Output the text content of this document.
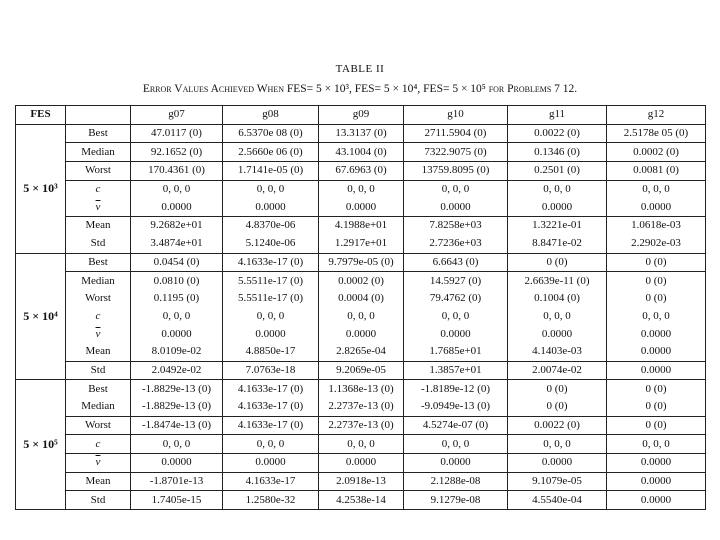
TABLE II
Error Values Achieved When FES= 5 × 10³, FES= 5 × 10⁴, FES= 5 × 10⁵ for Problems 7 12.
FES		g07	g08	g09	g10	g11	g12
5 × 10³	Best	47.0117 (0)	6.5370e 08 (0)	13.3137 (0)	2711.5904 (0)	0.0022 (0)	2.5178e 05 (0)
	Median	92.1652 (0)	2.5660e 06 (0)	43.1004 (0)	7322.9075 (0)	0.1346 (0)	0.0002 (0)
	Worst	170.4361 (0)	1.7141e-05 (0)	67.6963 (0)	13759.8095 (0)	0.2501 (0)	0.0081 (0)
	c	0, 0, 0	0, 0, 0	0, 0, 0	0, 0, 0	0, 0, 0	0, 0, 0
	$\overline{v}$	0.0000	0.0000	0.0000	0.0000	0.0000	0.0000
	Mean	9.2682e+01	4.8370e-06	4.1988e+01	7.8258e+03	1.3221e-01	1.0618e-03
	Std	3.4874e+01	5.1240e-06	1.2917e+01	2.7236e+03	8.8471e-02	2.2902e-03
5 × 10⁴	Best	0.0454 (0)	4.1633e-17 (0)	9.7979e-05 (0)	6.6643 (0)	0 (0)	0 (0)
	Median	0.0810 (0)	5.5511e-17 (0)	0.0002 (0)	14.5927 (0)	2.6639e-11 (0)	0 (0)
	Worst	0.1195 (0)	5.5511e-17 (0)	0.0004 (0)	79.4762 (0)	0.1004 (0)	0 (0)
	c	0, 0, 0	0, 0, 0	0, 0, 0	0, 0, 0	0, 0, 0	0, 0, 0
	$\overline{v}$	0.0000	0.0000	0.0000	0.0000	0.0000	0.0000
	Mean	8.0109e-02	4.8850e-17	2.8265e-04	1.7685e+01	4.1403e-03	0.0000
	Std	2.0492e-02	7.0763e-18	9.2069e-05	1.3857e+01	2.0074e-02	0.0000
5 × 10⁵	Best	-1.8829e-13 (0)	4.1633e-17 (0)	1.1368e-13 (0)	-1.8189e-12 (0)	0 (0)	0 (0)
	Median	-1.8829e-13 (0)	4.1633e-17 (0)	2.2737e-13 (0)	-9.0949e-13 (0)	0 (0)	0 (0)
	Worst	-1.8474e-13 (0)	4.1633e-17 (0)	2.2737e-13 (0)	4.5274e-07 (0)	0.0022 (0)	0 (0)
	c	0, 0, 0	0, 0, 0	0, 0, 0	0, 0, 0	0, 0, 0	0, 0, 0
	$\overline{v}$	0.0000	0.0000	0.0000	0.0000	0.0000	0.0000
	Mean	-1.8701e-13	4.1633e-17	2.0918e-13	2.1288e-08	9.1079e-05	0.0000
	Std	1.7405e-15	1.2580e-32	4.2538e-14	9.1279e-08	4.5540e-04	0.0000
